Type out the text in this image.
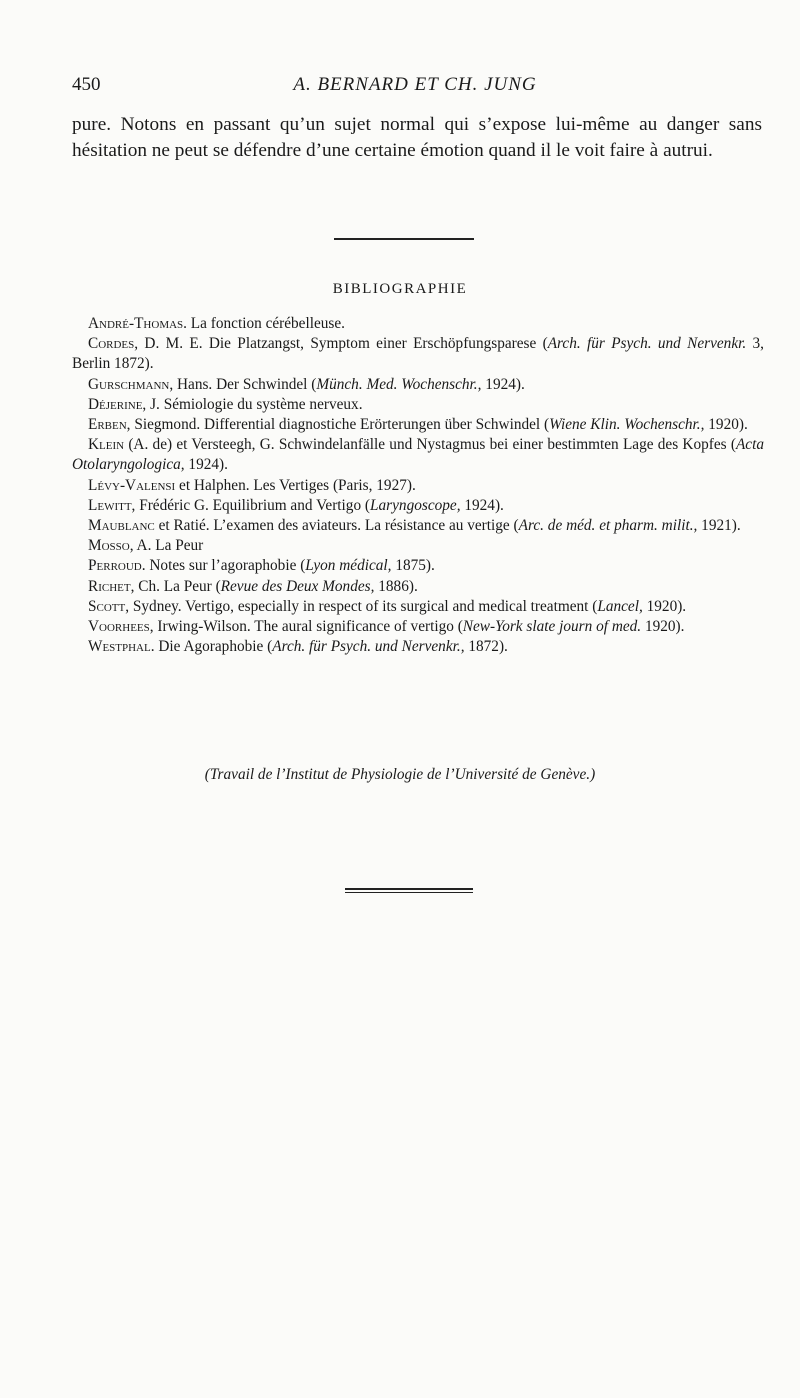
450	A. BERNARD ET CH. JUNG

pure. Notons en passant qu’un sujet normal qui s’expose lui-même au danger sans hésitation ne peut se défendre d’une certaine émotion quand il le voit faire à autrui.

BIBLIOGRAPHIE

André-Thomas. La fonction cérébelleuse.

Cordes, D. M. E. Die Platzangst, Symptom einer Erschöpfungsparese (Arch. für Psych. und Nervenkr. 3, Berlin 1872).

Gurschmann, Hans. Der Schwindel (Münch. Med. Wochenschr., 1924).

Déjerine, J. Sémiologie du système nerveux.

Erben, Siegmond. Differential diagnostiche Erörterungen über Schwindel (Wiene Klin. Wochenschr., 1920).

Klein (A. de) et Versteegh, G. Schwindelanfälle und Nystagmus bei einer bestimmten Lage des Kopfes (Acta Otolaryngologica, 1924).

Lévy-Valensi et Halphen. Les Vertiges (Paris, 1927).

Lewitt, Frédéric G. Equilibrium and Vertigo (Laryngoscope, 1924).

Maublanc et Ratié. L’examen des aviateurs. La résistance au vertige (Arc. de méd. et pharm. milit., 1921).

Mosso, A. La Peur

Perroud. Notes sur l’agoraphobie (Lyon médical, 1875).

Richet, Ch. La Peur (Revue des Deux Mondes, 1886).

Scott, Sydney. Vertigo, especially in respect of its surgical and medical treatment (Lancel, 1920).

Voorhees, Irwing-Wilson. The aural significance of vertigo (New-York slate journ of med. 1920).

Westphal. Die Agoraphobie (Arch. für Psych. und Nervenkr., 1872).

(Travail de l’Institut de Physiologie de l’Université de Genève.)
